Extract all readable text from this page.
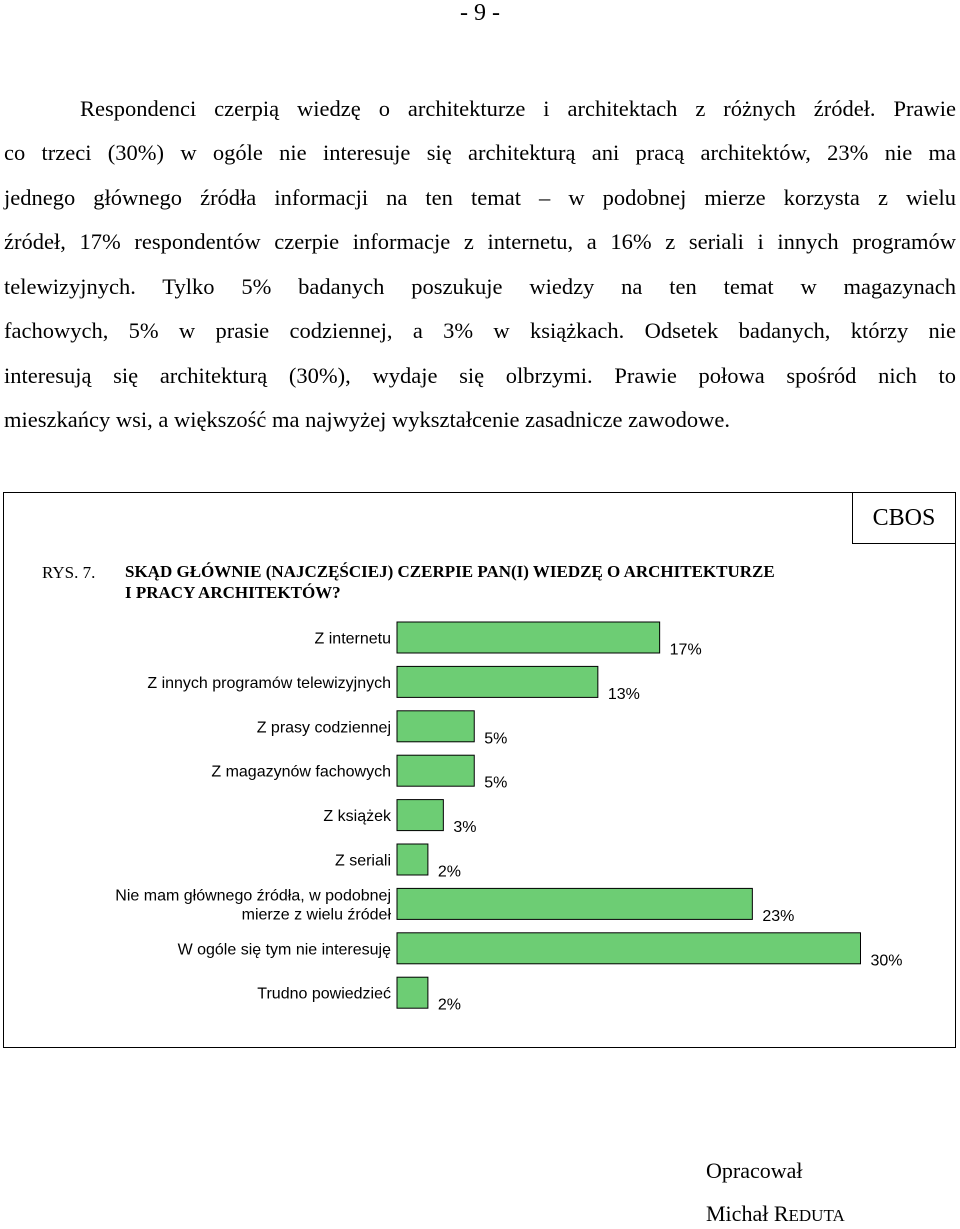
- 9 -
Respondenci czerpią wiedzę o architekturze i architektach z różnych źródeł. Prawie
co trzeci (30%) w ogóle nie interesuje się architekturą ani pracą architektów, 23% nie ma
jednego głównego źródła informacji na ten temat – w podobnej mierze korzysta z wielu
źródeł, 17% respondentów czerpie informacje z internetu, a 16% z seriali i innych programów
telewizyjnych. Tylko 5% badanych poszukuje wiedzy na ten temat w magazynach
fachowych, 5% w prasie codziennej, a 3% w książkach. Odsetek badanych, którzy nie
interesują się architekturą (30%), wydaje się olbrzymi. Prawie połowa spośród nich to
mieszkańcy wsi, a większość ma najwyżej wykształcenie zasadnicze zawodowe.
CBOS
RYS. 7. SKĄD GŁÓWNIE (NAJCZĘŚCIEJ) CZERPIE PAN(I) WIEDZĘ O ARCHITEKTURZE
I PRACY ARCHITEKTÓW?
17%
Z internetu
13%
Z innych programów telewizyjnych
5%
Z prasy codziennej
5%
Z magazynów fachowych
3%
Z książek
2%
Z seriali
23%
Nie mam głównego źródła, w podobnej
mierze z wielu źródeł
30%
W ogóle się tym nie interesuję
2%
Trudno powiedzieć
Opracował
Michał REDUTA
